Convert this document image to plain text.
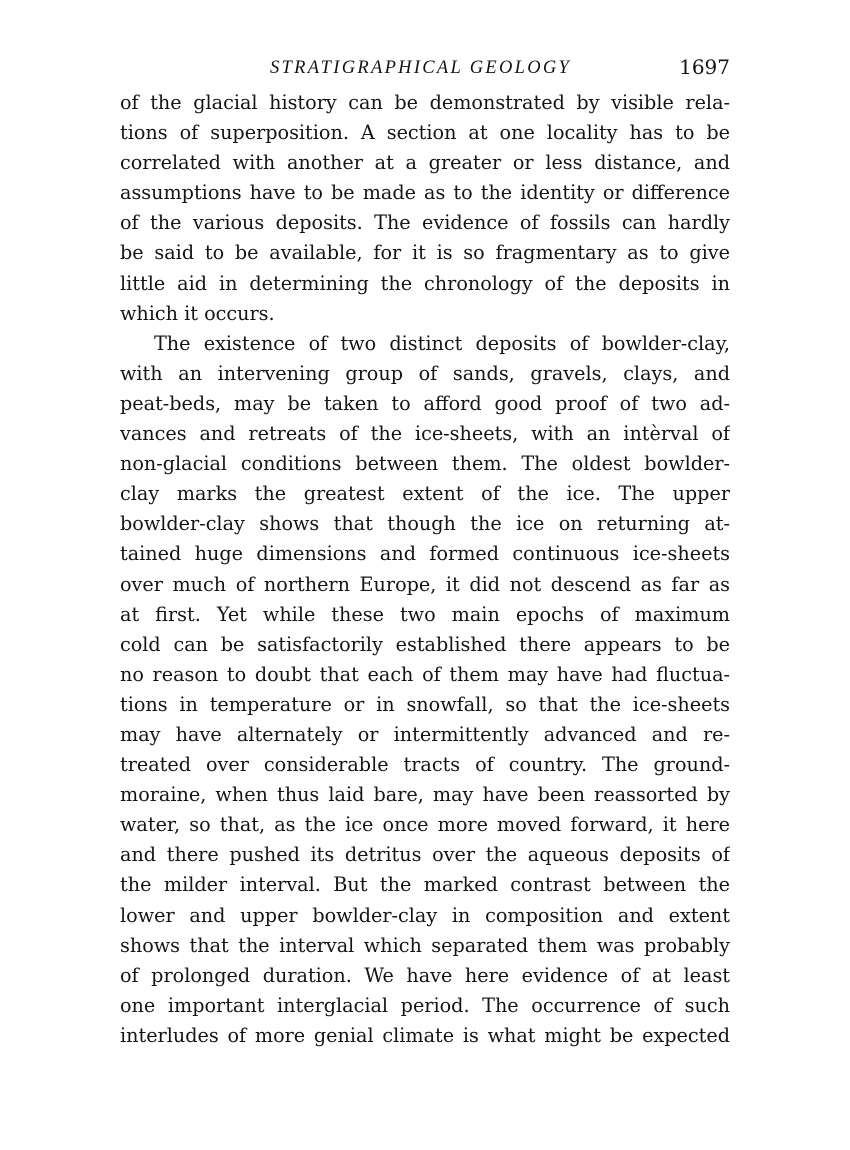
STRATIGRAPHICAL GEOLOGY	1697
of the glacial history can be demonstrated by visible rela-
tions of superposition. A section at one locality has to be
correlated with another at a greater or less distance, and
assumptions have to be made as to the identity or difference
of the various deposits. The evidence of fossils can hardly
be said to be available, for it is so fragmentary as to give
little aid in determining the chronology of the deposits in
which it occurs.
The existence of two distinct deposits of bowlder-clay,
with an intervening group of sands, gravels, clays, and
peat-beds, may be taken to afford good proof of two ad-
vances and retreats of the ice-sheets, with an intèrval of
non-glacial conditions between them. The oldest bowlder-
clay marks the greatest extent of the ice. The upper
bowlder-clay shows that though the ice on returning at-
tained huge dimensions and formed continuous ice-sheets
over much of northern Europe, it did not descend as far as
at first. Yet while these two main epochs of maximum
cold can be satisfactorily established there appears to be
no reason to doubt that each of them may have had fluctua-
tions in temperature or in snowfall, so that the ice-sheets
may have alternately or intermittently advanced and re-
treated over considerable tracts of country. The ground-
moraine, when thus laid bare, may have been reassorted by
water, so that, as the ice once more moved forward, it here
and there pushed its detritus over the aqueous deposits of
the milder interval. But the marked contrast between the
lower and upper bowlder-clay in composition and extent
shows that the interval which separated them was probably
of prolonged duration. We have here evidence of at least
one important interglacial period. The occurrence of such
interludes of more genial climate is what might be expected
